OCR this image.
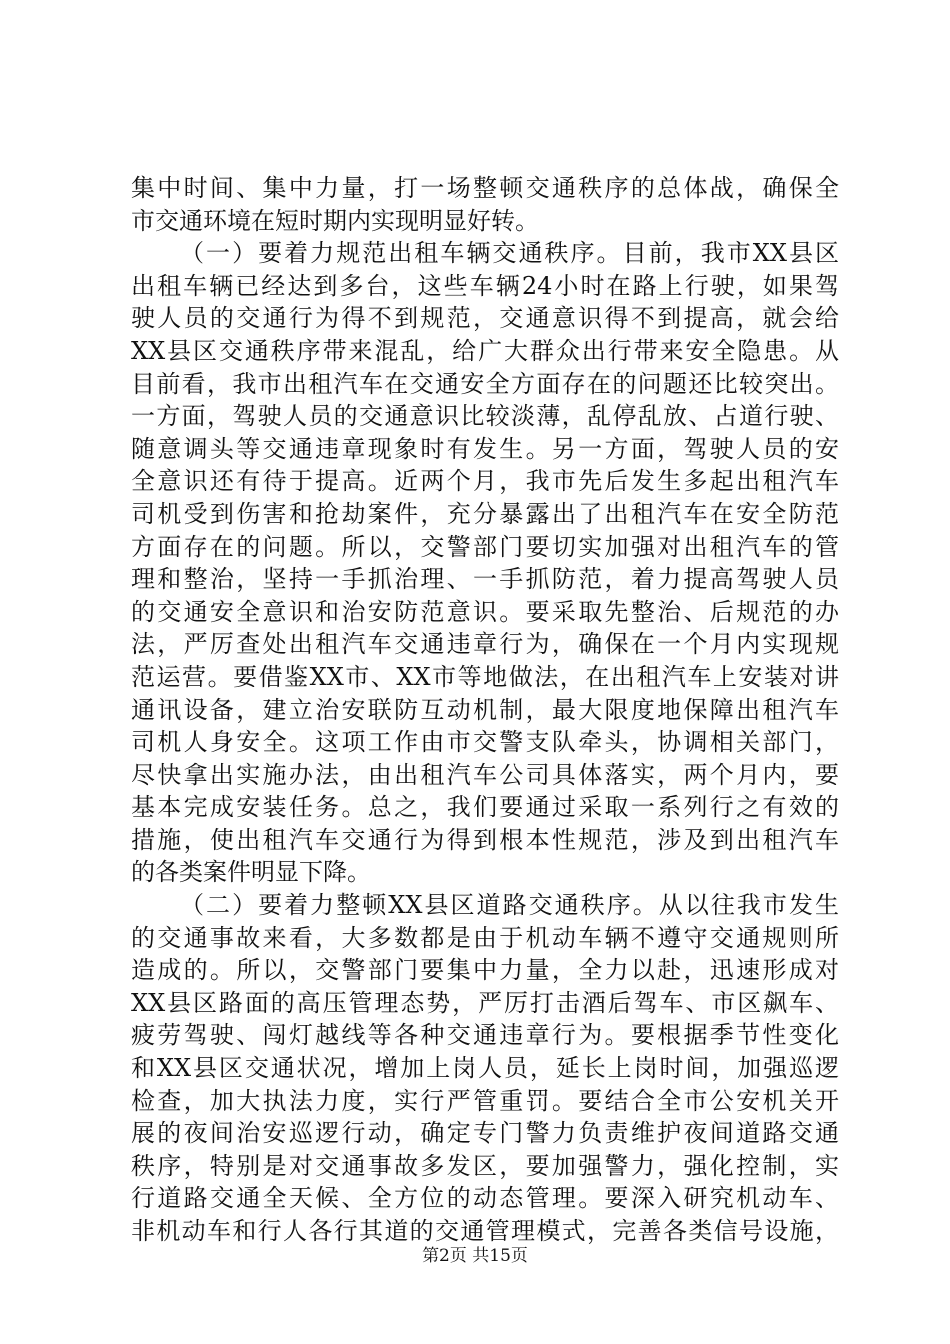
集中时间、集中力量，打一场整顿交通秩序的总体战，确保全
市交通环境在短时期内实现明显好转。
（一）要着力规范出租车辆交通秩序。目前，我市XX县区
出租车辆已经达到多台，这些车辆24小时在路上行驶，如果驾
驶人员的交通行为得不到规范，交通意识得不到提高，就会给
XX县区交通秩序带来混乱，给广大群众出行带来安全隐患。从
目前看，我市出租汽车在交通安全方面存在的问题还比较突出。
一方面，驾驶人员的交通意识比较淡薄，乱停乱放、占道行驶、
随意调头等交通违章现象时有发生。另一方面，驾驶人员的安
全意识还有待于提高。近两个月，我市先后发生多起出租汽车
司机受到伤害和抢劫案件，充分暴露出了出租汽车在安全防范
方面存在的问题。所以，交警部门要切实加强对出租汽车的管
理和整治，坚持一手抓治理、一手抓防范，着力提高驾驶人员
的交通安全意识和治安防范意识。要采取先整治、后规范的办
法，严厉查处出租汽车交通违章行为，确保在一个月内实现规
范运营。要借鉴XX市、XX市等地做法，在出租汽车上安装对讲
通讯设备，建立治安联防互动机制，最大限度地保障出租汽车
司机人身安全。这项工作由市交警支队牵头，协调相关部门，
尽快拿出实施办法，由出租汽车公司具体落实，两个月内，要
基本完成安装任务。总之，我们要通过采取一系列行之有效的
措施，使出租汽车交通行为得到根本性规范，涉及到出租汽车
的各类案件明显下降。
（二）要着力整顿XX县区道路交通秩序。从以往我市发生
的交通事故来看，大多数都是由于机动车辆不遵守交通规则所
造成的。所以，交警部门要集中力量，全力以赴，迅速形成对
XX县区路面的高压管理态势，严厉打击酒后驾车、市区飙车、
疲劳驾驶、闯灯越线等各种交通违章行为。要根据季节性变化
和XX县区交通状况，增加上岗人员，延长上岗时间，加强巡逻
检查，加大执法力度，实行严管重罚。要结合全市公安机关开
展的夜间治安巡逻行动，确定专门警力负责维护夜间道路交通
秩序，特别是对交通事故多发区，要加强警力，强化控制，实
行道路交通全天候、全方位的动态管理。要深入研究机动车、
非机动车和行人各行其道的交通管理模式，完善各类信号设施，
第2页 共15页
